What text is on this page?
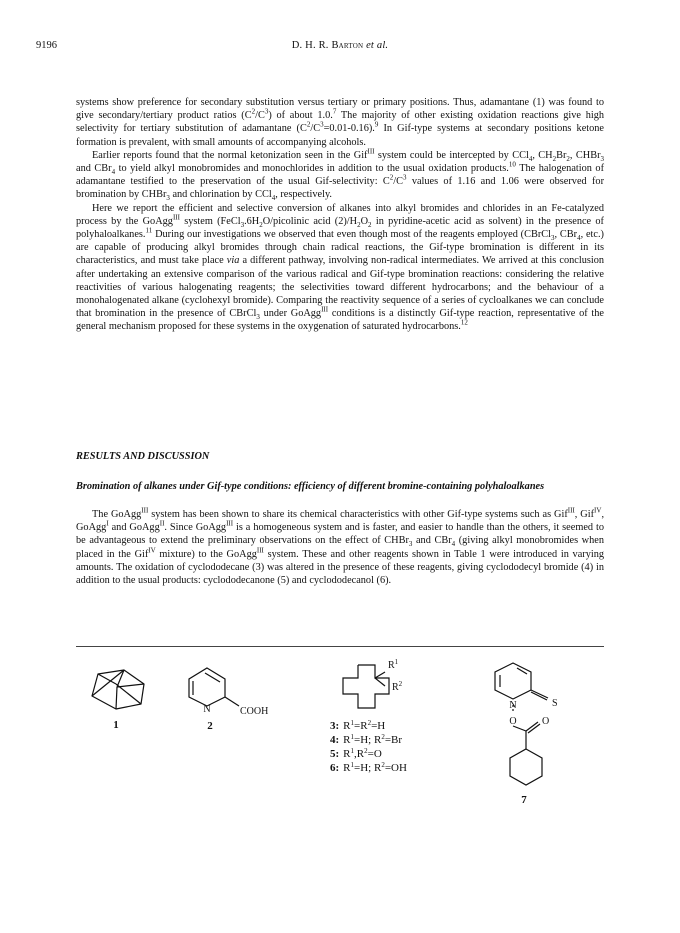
9196	D. H. R. Barton et al.

systems show preference for secondary substitution versus tertiary or primary positions. Thus, adamantane (1) was found to give secondary/tertiary product ratios $(C^2/C^3)$ of about 1.0.$^7$ The majority of other existing oxidation reactions give high selectivity for tertiary substitution of adamantane $(C^2/C^3=0.01-0.16).^9$ In Gif-type systems at secondary positions ketone formation is prevalent, with small amounts of accompanying alcohols.

Earlier reports found that the normal ketonization seen in the Gif$^{III}$ system could be intercepted by CCl$_4$, $CH_2Br_2$, CHBr$_3$ and CBr$_4$ to yield alkyl monobromides and monochlorides in addition to the usual oxidation products.$^{10}$ The halogenation of adamantane testified to the preservation of the usual Gif-selectivity: $C^2/C^3$ values of 1.16 and 1.06 were observed for bromination by CHBr$_3$ and chlorination by CCl$_4$, respectively.

Here we report the efficient and selective conversion of alkanes into alkyl bromides and chlorides in an Fe-catalyzed process by the GoAgg$^{III}$ system ($FeCl_3.6H_2O$/picolinic acid $(2)/H_2O_2$ in pyridine-acetic acid as solvent) in the presence of polyhaloalkanes.$^{11}$ During our investigations we observed that even though most of the reagents employed (CBrCl$_3$, CBr$_4$, etc.) are capable of producing alkyl bromides through chain radical reactions, the Gif-type bromination is different in its characteristics, and must take place via a different pathway, involving non-radical intermediates. We arrived at this conclusion after undertaking an extensive comparison of the various radical and Gif-type bromination reactions: considering the relative reactivities of various halogenating reagents; the selectivities toward different hydrocarbons; and the behaviour of a monohalogenated alkane (cyclohexyl bromide). Comparing the reactivity sequence of a series of cycloalkanes we can conclude that bromination in the presence of CBrCl$_3$ under GoAgg$^{III}$ conditions is a distinctly Gif-type reaction, representative of the general mechanism proposed for these systems in the oxygenation of saturated hydrocarbons.$^{12}$

RESULTS AND DISCUSSION
Bromination of alkanes under Gif-type conditions: efficiency of different bromine-containing polyhaloalkanes

The GoAgg$^{III}$ system has been shown to share its chemical characteristics with other Gif-type systems such as Gif$^{III}$, Gif$^{IV}$, GoAgg$^I$ and GoAgg$^{II}$. Since GoAgg$^{III}$ is a homogeneous system and is faster, and easier to handle than the others, it seemed to be advantageous to extend the preliminary observations on the effect of CHBr$_3$ and CBr$_4$ (giving alkyl monobromides when placed in the Gif$^{IV}$ mixture) to the GoAgg$^{III}$ system. These and other reagents shown in Table 1 were introduced in varying amounts. The oxidation of cyclododecane (3) was altered in the presence of these reagents, giving cyclododecyl bromide (4) in addition to the usual products: cyclododecanone (5) and cyclododecanol (6).

1
N	COOH
2
$R^1$
$R^2$
3: $R^1=R^2=H$
4: $R^1=H$; $R^2=Br$
5: $R^1,R^2=O$
6: $R^1=H$; $R^2=OH$
N	S
O	O
7
